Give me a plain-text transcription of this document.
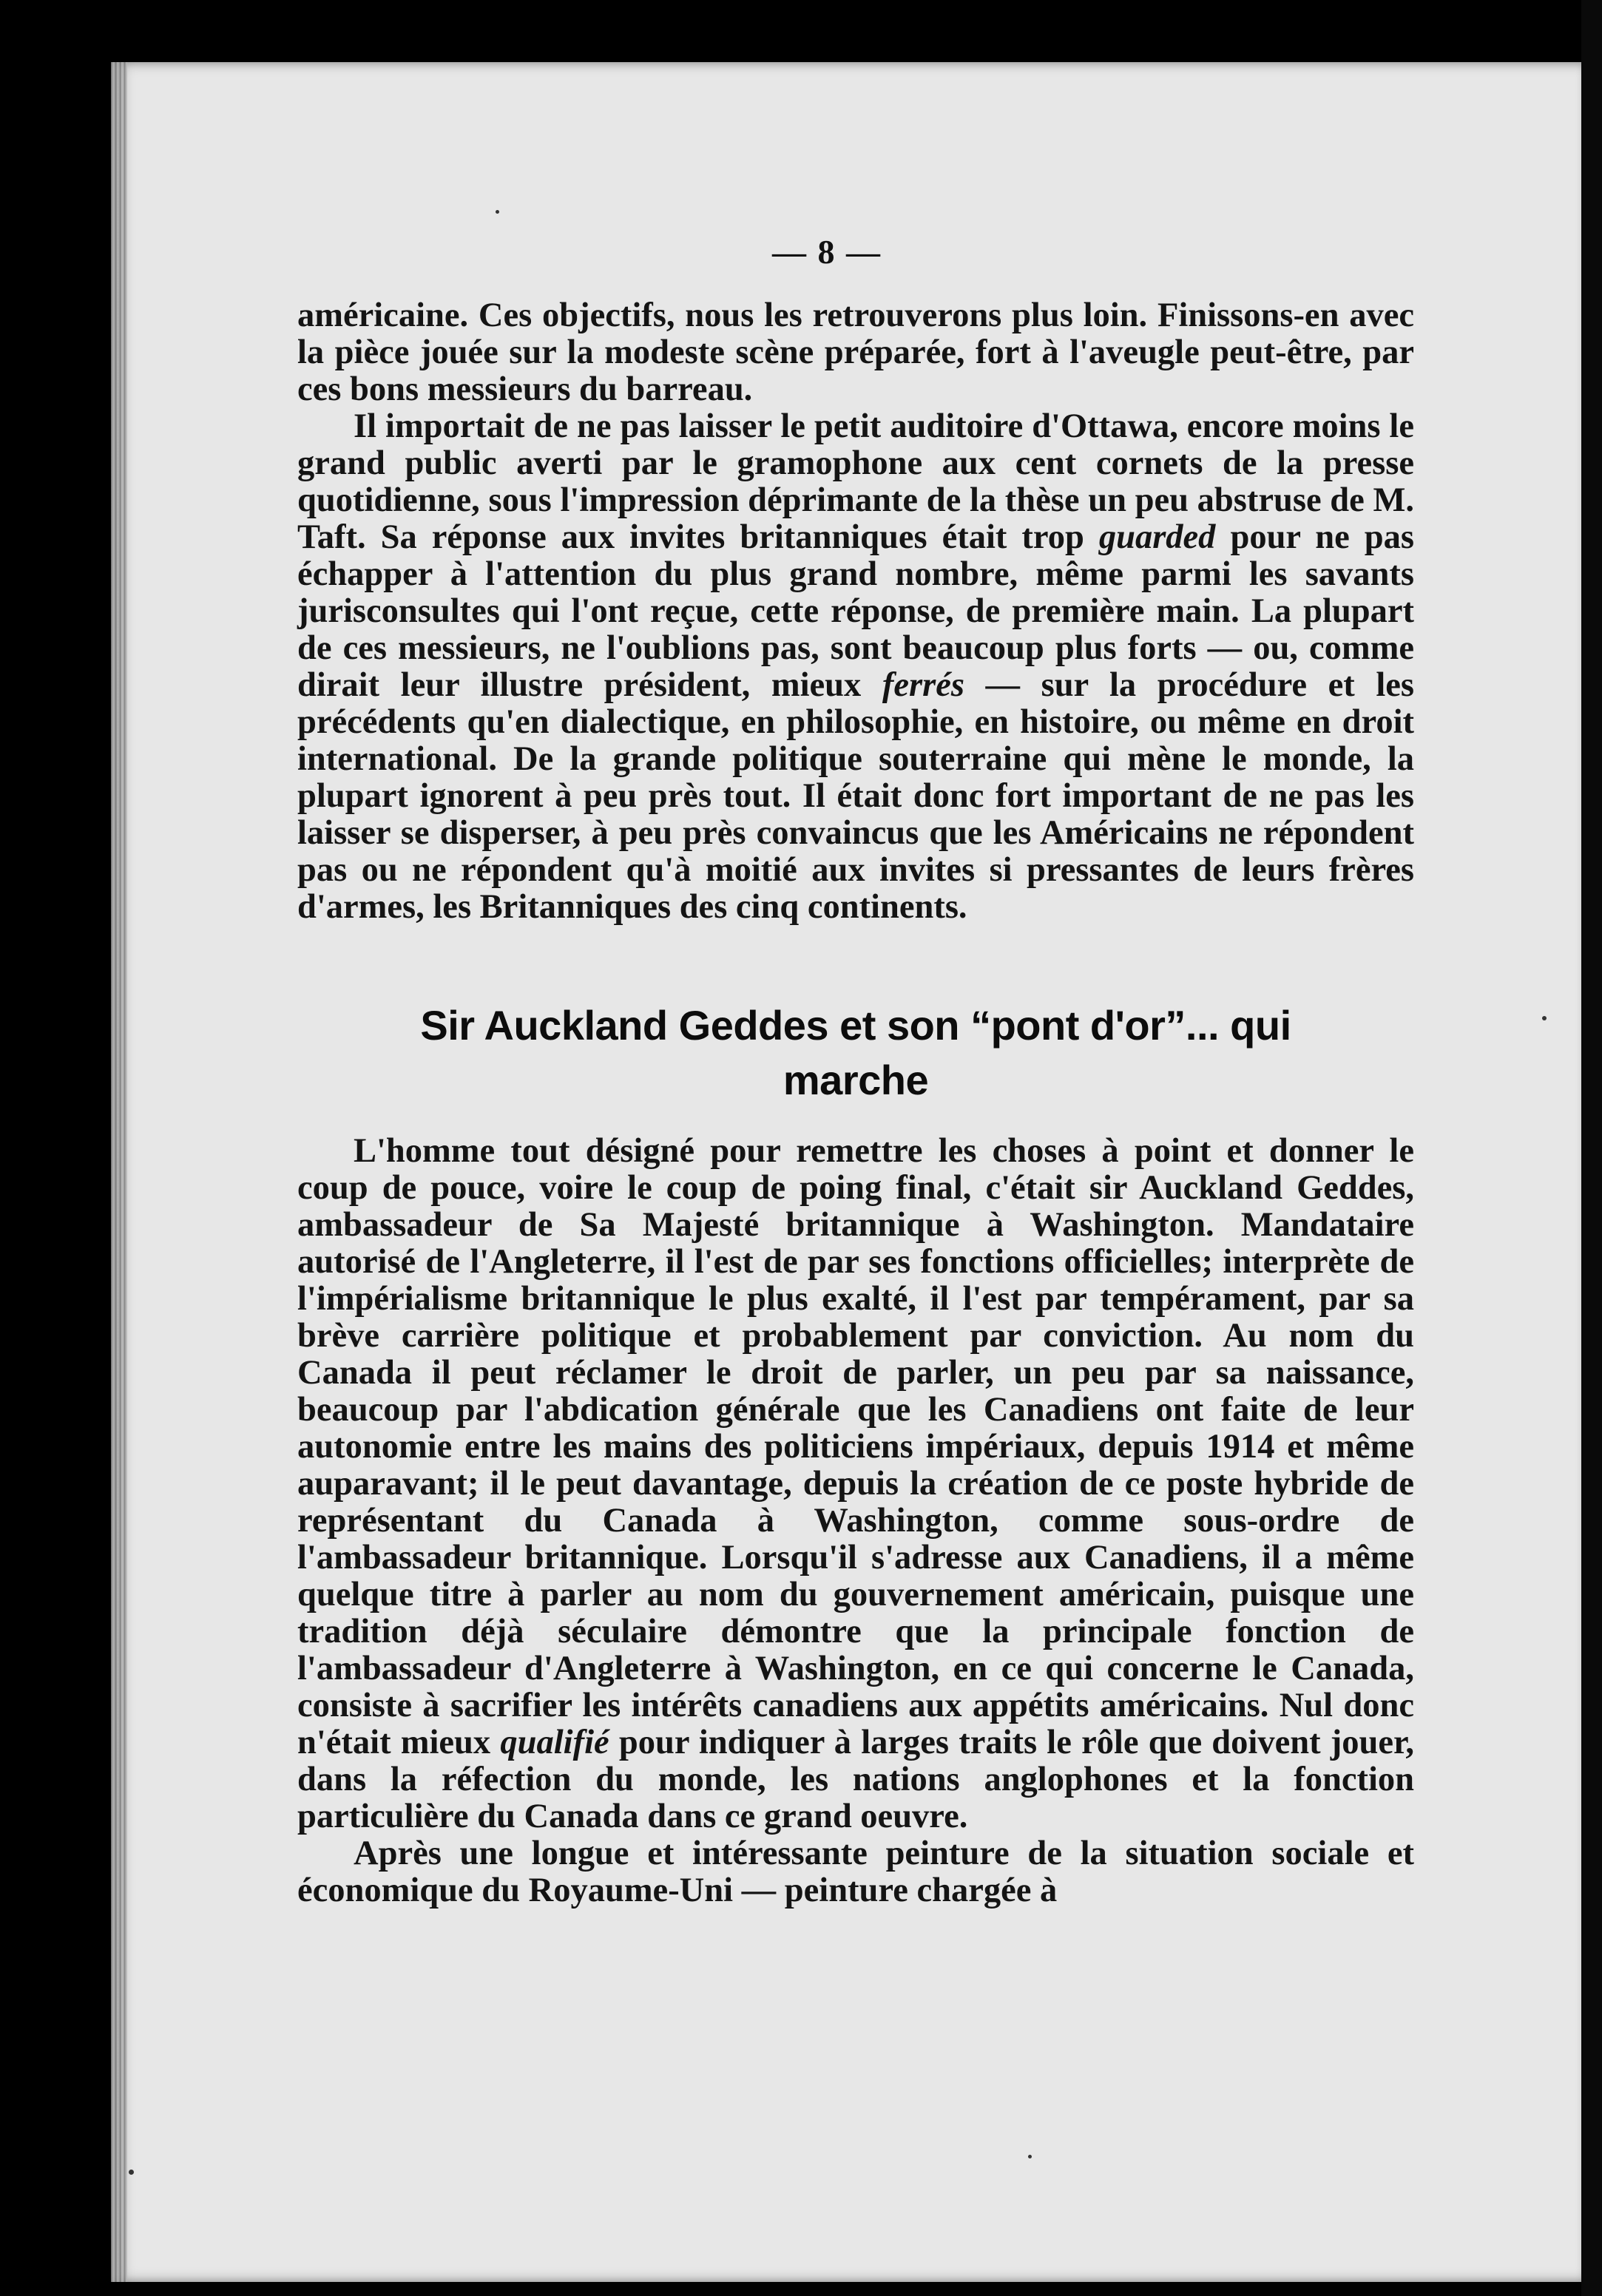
— 8 —

américaine. Ces objectifs, nous les retrouverons plus loin. Finissons-en avec la pièce jouée sur la modeste scène préparée, fort à l'aveugle peut-être, par ces bons messieurs du barreau.

Il importait de ne pas laisser le petit auditoire d'Ottawa, encore moins le grand public averti par le gramophone aux cent cornets de la presse quotidienne, sous l'impression déprimante de la thèse un peu abstruse de M. Taft. Sa réponse aux invites britanniques était trop guarded pour ne pas échapper à l'attention du plus grand nombre, même parmi les savants jurisconsultes qui l'ont reçue, cette réponse, de première main. La plupart de ces messieurs, ne l'oublions pas, sont beaucoup plus forts — ou, comme dirait leur illustre président, mieux ferrés — sur la procédure et les précédents qu'en dialectique, en philosophie, en histoire, ou même en droit international. De la grande politique souterraine qui mène le monde, la plupart ignorent à peu près tout. Il était donc fort important de ne pas les laisser se disperser, à peu près convaincus que les Américains ne répondent pas ou ne répondent qu'à moitié aux invites si pressantes de leurs frères d'armes, les Britanniques des cinq continents.

Sir Auckland Geddes et son “pont d'or”... qui
marche

L'homme tout désigné pour remettre les choses à point et donner le coup de pouce, voire le coup de poing final, c'était sir Auckland Geddes, ambassadeur de Sa Majesté britannique à Washington. Mandataire autorisé de l'Angleterre, il l'est de par ses fonctions officielles; interprète de l'impérialisme britannique le plus exalté, il l'est par tempérament, par sa brève carrière politique et probablement par conviction. Au nom du Canada il peut réclamer le droit de parler, un peu par sa naissance, beaucoup par l'abdication générale que les Canadiens ont faite de leur autonomie entre les mains des politiciens impériaux, depuis 1914 et même auparavant; il le peut davantage, depuis la création de ce poste hybride de représentant du Canada à Washington, comme sous-ordre de l'ambassadeur britannique. Lorsqu'il s'adresse aux Canadiens, il a même quelque titre à parler au nom du gouvernement américain, puisque une tradition déjà séculaire démontre que la principale fonction de l'ambassadeur d'Angleterre à Washington, en ce qui concerne le Canada, consiste à sacrifier les intérêts canadiens aux appétits américains. Nul donc n'était mieux qualifié pour indiquer à larges traits le rôle que doivent jouer, dans la réfection du monde, les nations anglophones et la fonction particulière du Canada dans ce grand oeuvre.

Après une longue et intéressante peinture de la situation sociale et économique du Royaume-Uni — peinture chargée à
